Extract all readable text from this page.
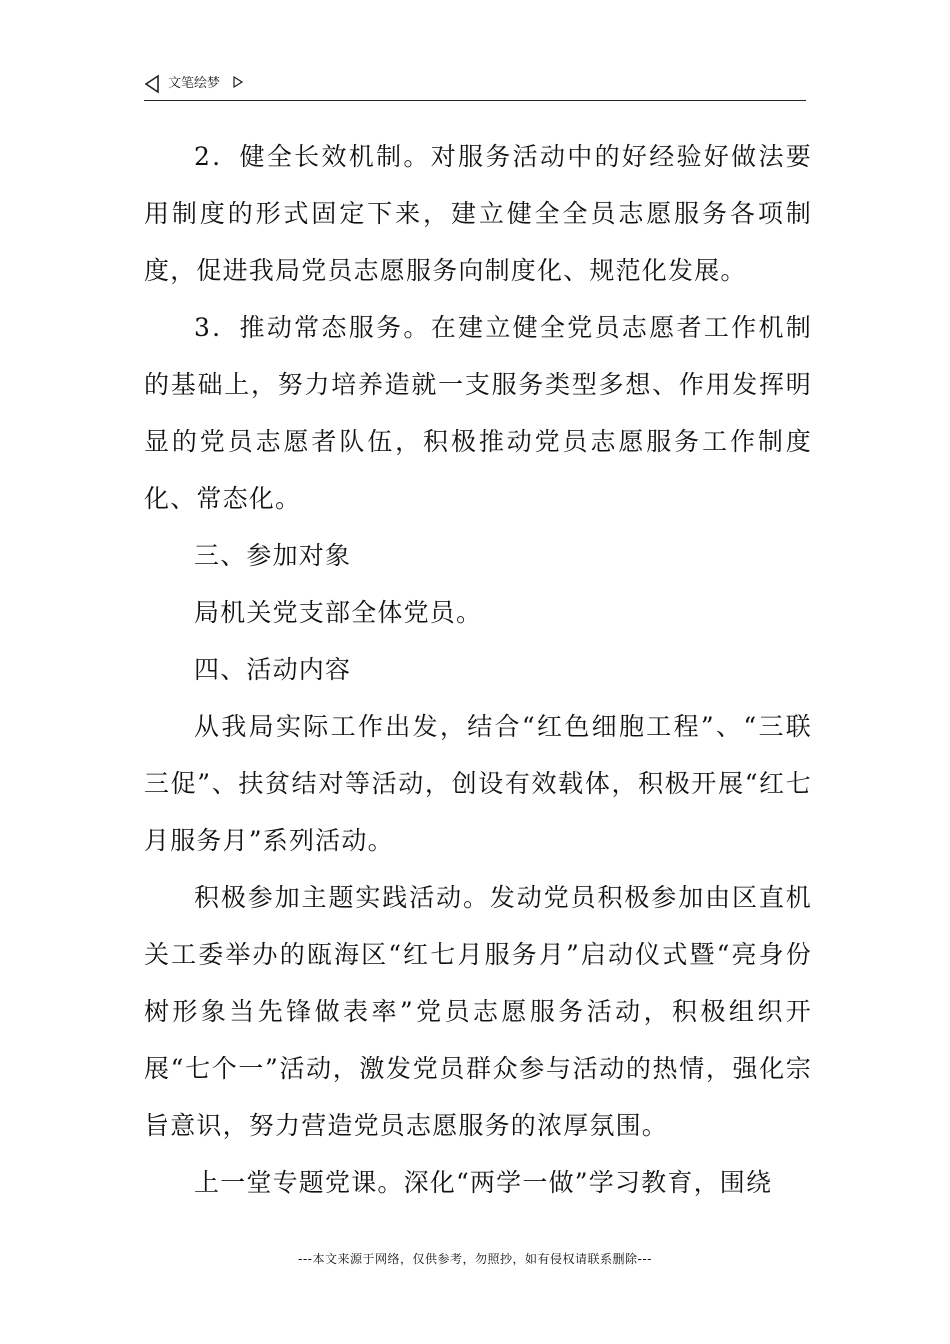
文笔绘梦

2．健全长效机制。对服务活动中的好经验好做法要用制度的形式固定下来，建立健全全员志愿服务各项制度，促进我局党员志愿服务向制度化、规范化发展。

3．推动常态服务。在建立健全党员志愿者工作机制的基础上，努力培养造就一支服务类型多想、作用发挥明显的党员志愿者队伍，积极推动党员志愿服务工作制度化、常态化。

三、参加对象

局机关党支部全体党员。

四、活动内容

从我局实际工作出发，结合“红色细胞工程”、“三联三促”、扶贫结对等活动，创设有效载体，积极开展“红七月服务月”系列活动。

积极参加主题实践活动。发动党员积极参加由区直机关工委举办的瓯海区“红七月服务月”启动仪式暨“亮身份树形象当先锋做表率”党员志愿服务活动，积极组织开展“七个一”活动，激发党员群众参与活动的热情，强化宗旨意识，努力营造党员志愿服务的浓厚氛围。

上一堂专题党课。深化“两学一做”学习教育，围绕

---本文来源于网络，仅供参考，勿照抄，如有侵权请联系删除---
